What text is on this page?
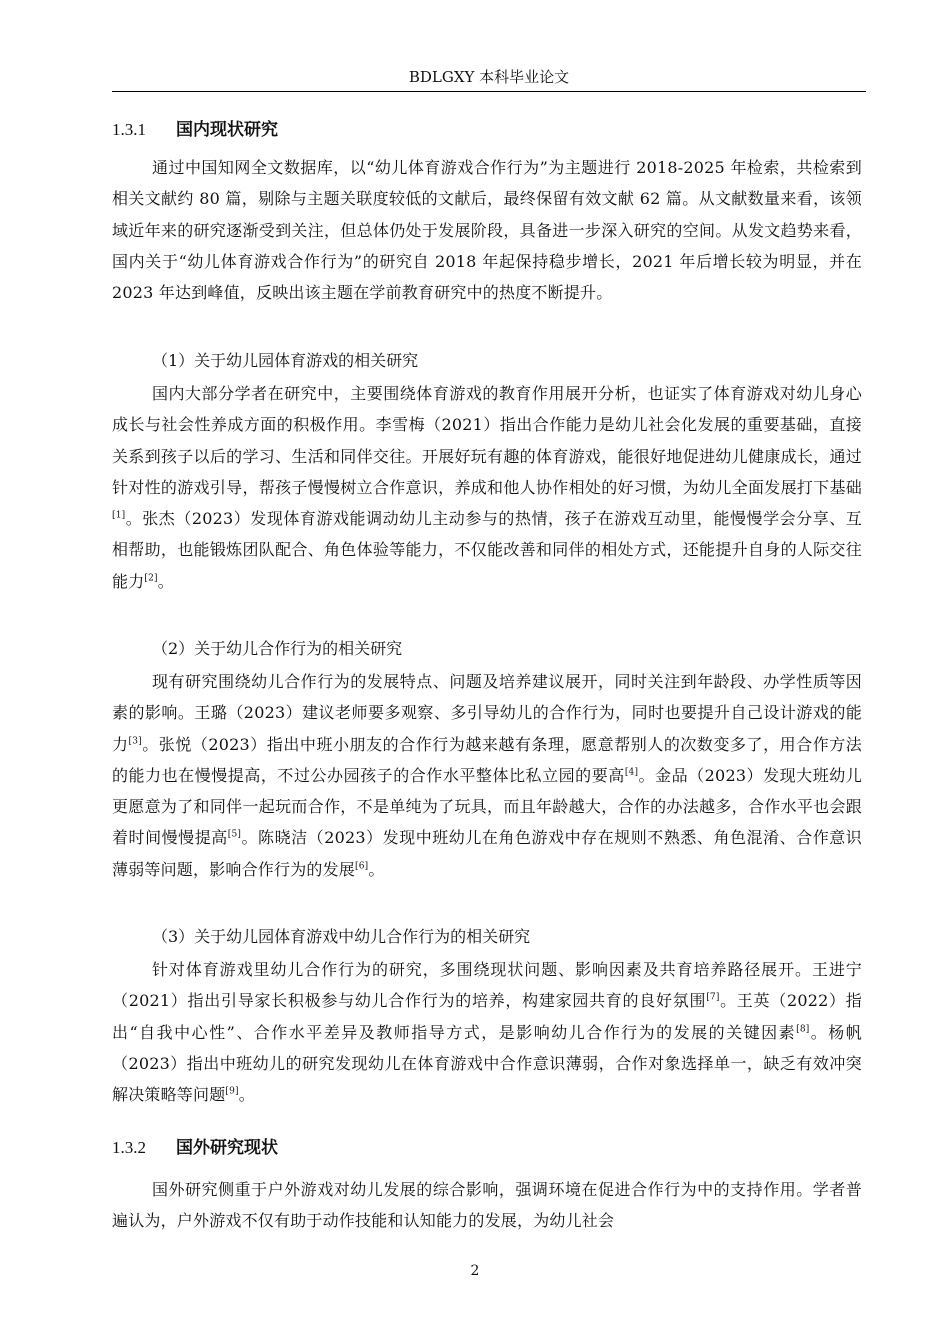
BDLGXY 本科毕业论文
1.3.1 国内现状研究
通过中国知网全文数据库，以“幼儿体育游戏合作行为”为主题进行 2018-2025 年检索，共检索到相关文献约 80 篇，剔除与主题关联度较低的文献后，最终保留有效文献 62 篇。从文献数量来看，该领域近年来的研究逐渐受到关注，但总体仍处于发展阶段，具备进一步深入研究的空间。从发文趋势来看，国内关于“幼儿体育游戏合作行为”的研究自 2018 年起保持稳步增长，2021 年后增长较为明显，并在 2023 年达到峰值，反映出该主题在学前教育研究中的热度不断提升。
（1）关于幼儿园体育游戏的相关研究
国内大部分学者在研究中，主要围绕体育游戏的教育作用展开分析，也证实了体育游戏对幼儿身心成长与社会性养成方面的积极作用。李雪梅（2021）指出合作能力是幼儿社会化发展的重要基础，直接关系到孩子以后的学习、生活和同伴交往。开展好玩有趣的体育游戏，能很好地促进幼儿健康成长，通过针对性的游戏引导，帮孩子慢慢树立合作意识，养成和他人协作相处的好习惯，为幼儿全面发展打下基础[1]。张杰（2023）发现体育游戏能调动幼儿主动参与的热情，孩子在游戏互动里，能慢慢学会分享、互相帮助，也能锻炼团队配合、角色体验等能力，不仅能改善和同伴的相处方式，还能提升自身的人际交往能力[2]。
（2）关于幼儿合作行为的相关研究
现有研究围绕幼儿合作行为的发展特点、问题及培养建议展开，同时关注到年龄段、办学性质等因素的影响。王璐（2023）建议老师要多观察、多引导幼儿的合作行为，同时也要提升自己设计游戏的能力[3]。张悦（2023）指出中班小朋友的合作行为越来越有条理，愿意帮别人的次数变多了，用合作方法的能力也在慢慢提高，不过公办园孩子的合作水平整体比私立园的要高[4]。金品（2023）发现大班幼儿更愿意为了和同伴一起玩而合作，不是单纯为了玩具，而且年龄越大，合作的办法越多，合作水平也会跟着时间慢慢提高[5]。陈晓洁（2023）发现中班幼儿在角色游戏中存在规则不熟悉、角色混淆、合作意识薄弱等问题，影响合作行为的发展[6]。
（3）关于幼儿园体育游戏中幼儿合作行为的相关研究
针对体育游戏里幼儿合作行为的研究，多围绕现状问题、影响因素及共育培养路径展开。王进宁（2021）指出引导家长积极参与幼儿合作行为的培养，构建家园共育的良好氛围[7]。王英（2022）指出“自我中心性”、合作水平差异及教师指导方式，是影响幼儿合作行为的发展的关键因素[8]。杨帆（2023）指出中班幼儿的研究发现幼儿在体育游戏中合作意识薄弱，合作对象选择单一，缺乏有效冲突解决策略等问题[9]。
1.3.2 国外研究现状
国外研究侧重于户外游戏对幼儿发展的综合影响，强调环境在促进合作行为中的支持作用。学者普遍认为，户外游戏不仅有助于动作技能和认知能力的发展，为幼儿社会
2
